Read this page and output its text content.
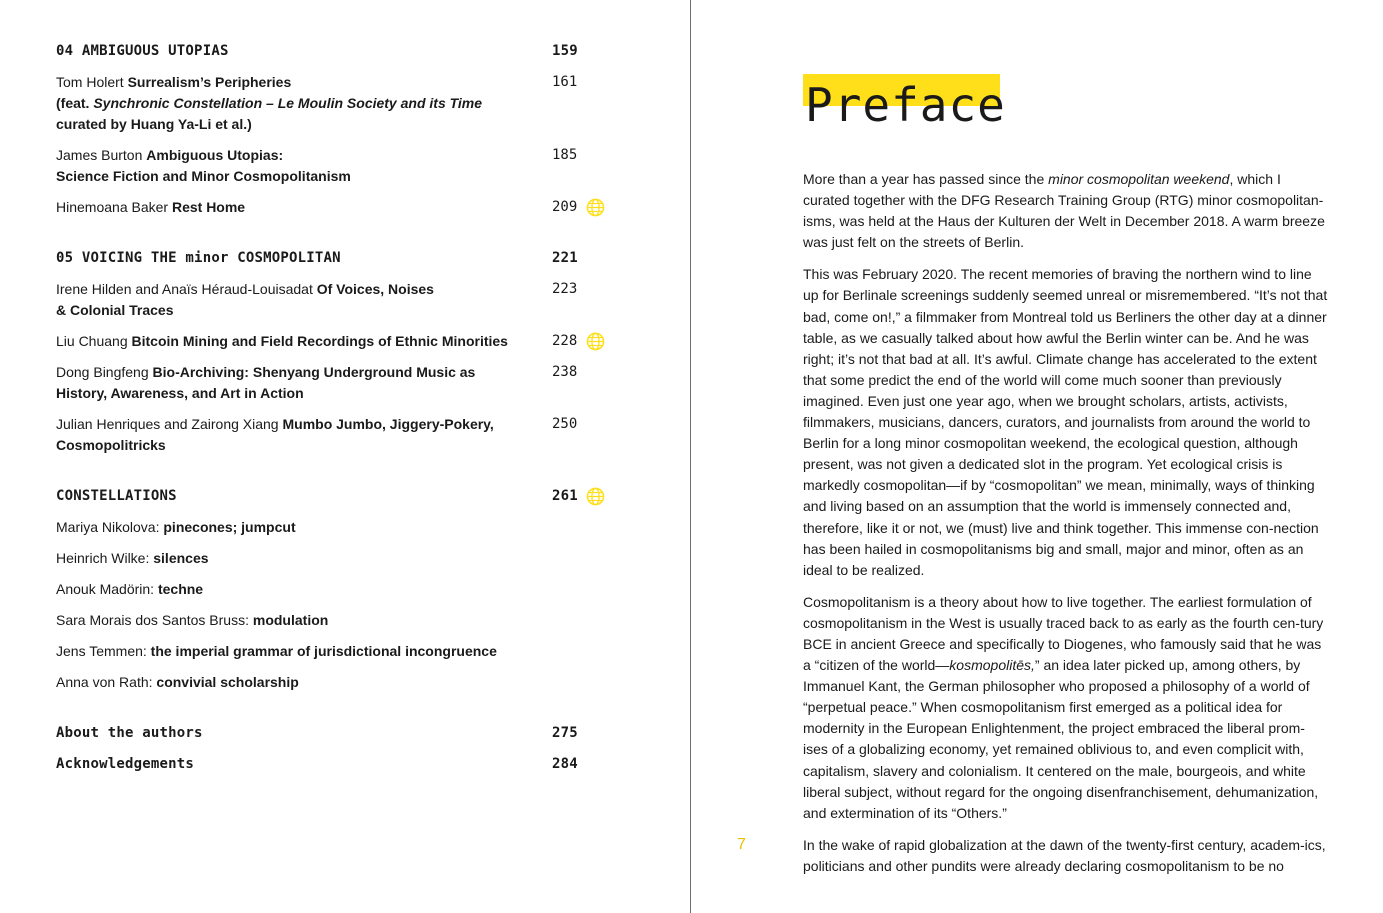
04 AMBIGUOUS UTOPIAS	159
Tom Holert Surrealism’s Peripheries
(feat. Synchronic Constellation – Le Moulin Society and its Time
curated by Huang Ya-Li et al.)
161
James Burton Ambiguous Utopias:
Science Fiction and Minor Cosmopolitanism
185
Hinemoana Baker Rest Home	209
05 VOICING THE minor COSMOPOLITAN	221
Irene Hilden and Anaïs Héraud-Louisadat Of Voices, Noises
& Colonial Traces
223
Liu Chuang Bitcoin Mining and Field Recordings of Ethnic Minorities	228
Dong Bingfeng Bio-Archiving: Shenyang Underground Music as
History, Awareness, and Art in Action
238
Julian Henriques and Zairong Xiang Mumbo Jumbo, Jiggery-Pokery,
Cosmopolitricks
250
CONSTELLATIONS	261
Mariya Nikolova: pinecones; jumpcut
Heinrich Wilke: silences
Anouk Madörin: techne
Sara Morais dos Santos Bruss: modulation
Jens Temmen: the imperial grammar of jurisdictional incongruence
Anna von Rath: convivial scholarship
About the authors	275
Acknowledgements	284
Preface

More than a year has passed since the minor cosmopolitan weekend, which I curated together with the DFG Research Training Group (RTG) minor cosmopolitan-isms, was held at the Haus der Kulturen der Welt in December 2018. A warm breeze was just felt on the streets of Berlin.

This was February 2020. The recent memories of braving the northern wind to line up for Berlinale screenings suddenly seemed unreal or misremembered. “It’s not that bad, come on!,” a filmmaker from Montreal told us Berliners the other day at a dinner table, as we casually talked about how awful the Berlin winter can be. And he was right; it’s not that bad at all. It’s awful. Climate change has accelerated to the extent that some predict the end of the world will come much sooner than previously imagined. Even just one year ago, when we brought scholars, artists, activists, filmmakers, musicians, dancers, curators, and journalists from around the world to Berlin for a long minor cosmopolitan weekend, the ecological question, although present, was not given a dedicated slot in the program. Yet ecological crisis is markedly cosmopolitan—if by “cosmopolitan” we mean, minimally, ways of thinking and living based on an assumption that the world is immensely connected and, therefore, like it or not, we (must) live and think together. This immense con-nection has been hailed in cosmopolitanisms big and small, major and minor, often as an ideal to be realized.

Cosmopolitanism is a theory about how to live together. The earliest formulation of cosmopolitanism in the West is usually traced back to as early as the fourth cen-tury BCE in ancient Greece and specifically to Diogenes, who famously said that he was a “citizen of the world—kosmopolitēs,” an idea later picked up, among others, by Immanuel Kant, the German philosopher who proposed a philosophy of a world of “perpetual peace.” When cosmopolitanism first emerged as a political idea for modernity in the European Enlightenment, the project embraced the liberal prom-ises of a globalizing economy, yet remained oblivious to, and even complicit with, capitalism, slavery and colonialism. It centered on the male, bourgeois, and white liberal subject, without regard for the ongoing disenfranchisement, dehumanization, and extermination of its “Others.”

In the wake of rapid globalization at the dawn of the twenty-first century, academ-ics, politicians and other pundits were already declaring cosmopolitanism to be no

7
